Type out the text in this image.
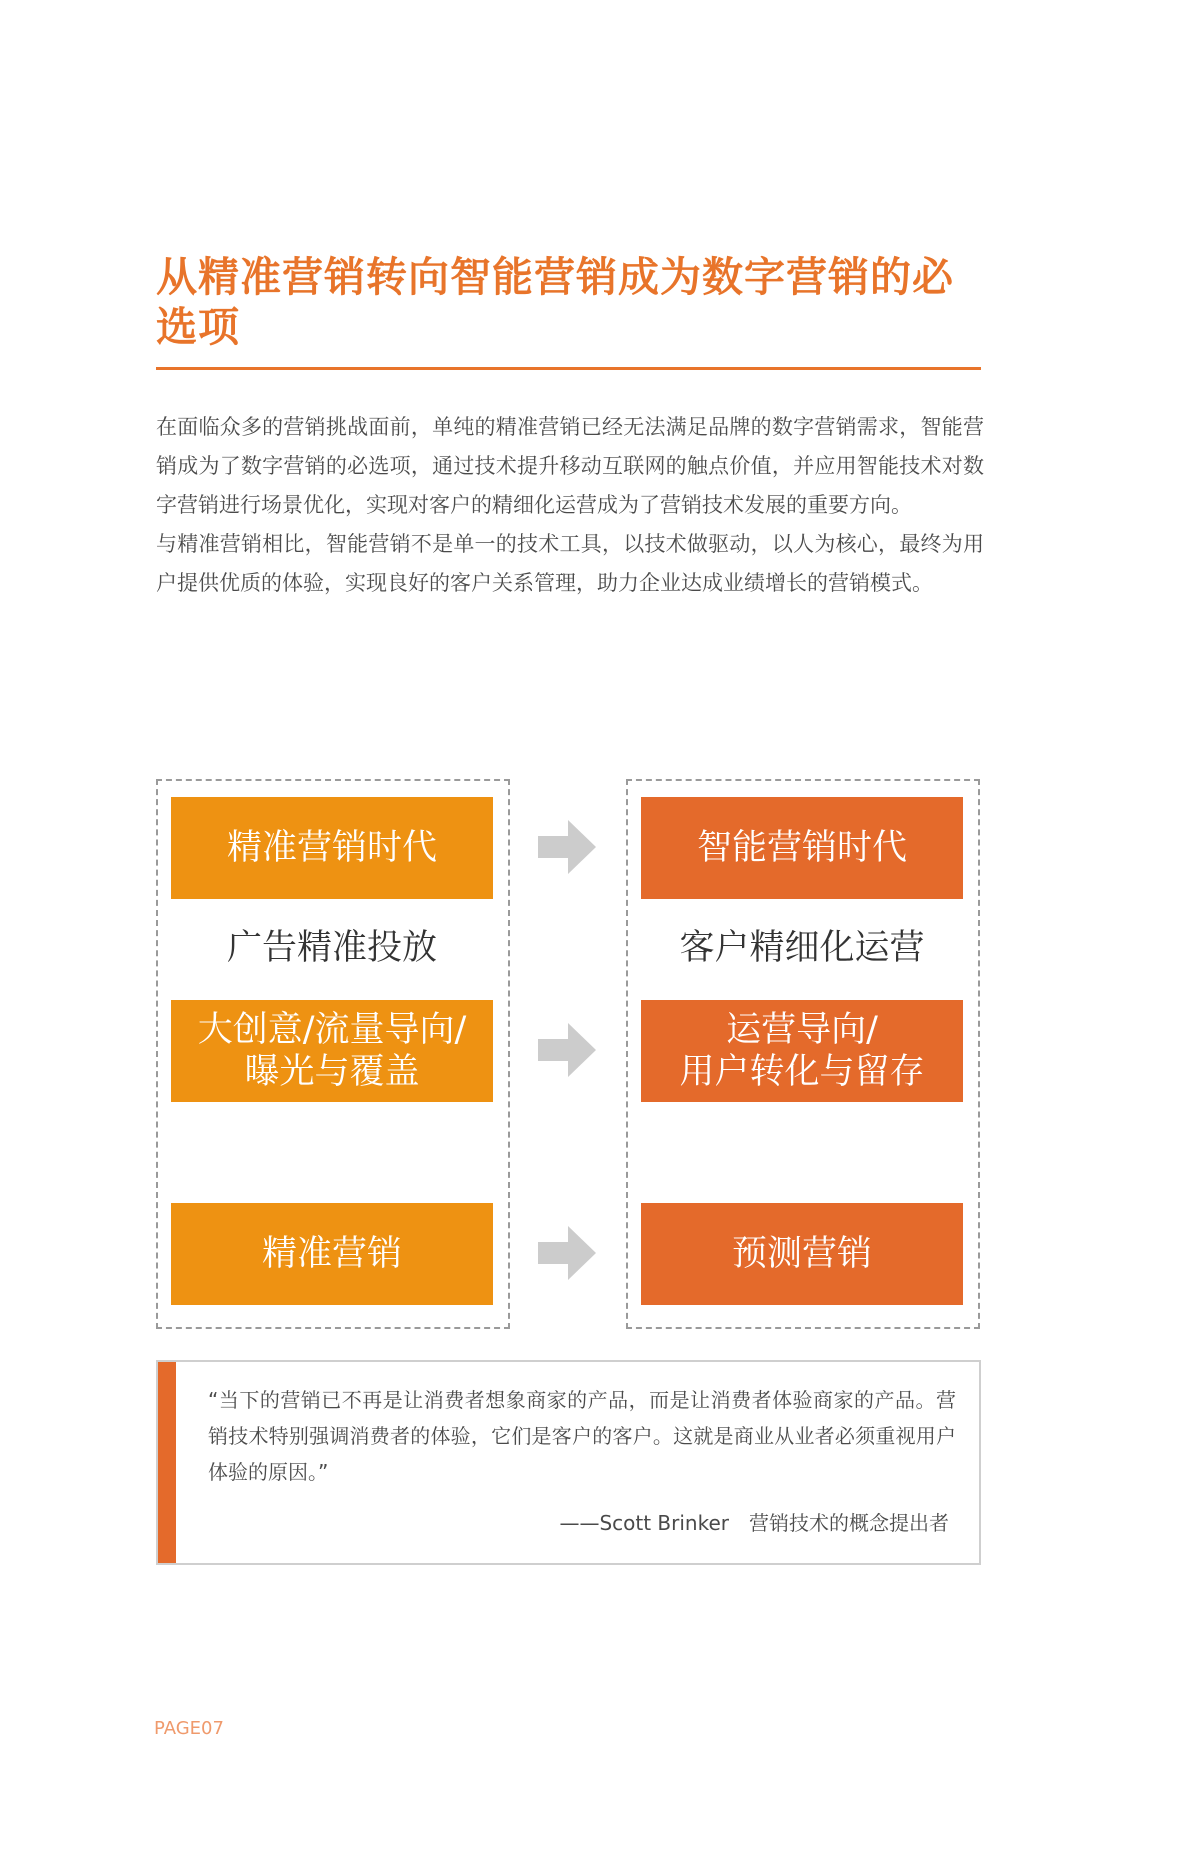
从精准营销转向智能营销成为数字营销的必选项

在面临众多的营销挑战面前，单纯的精准营销已经无法满足品牌的数字营销需求，智能营销成为了数字营销的必选项，通过技术提升移动互联网的触点价值，并应用智能技术对数字营销进行场景优化，实现对客户的精细化运营成为了营销技术发展的重要方向。

与精准营销相比，智能营销不是单一的技术工具，以技术做驱动，以人为核心，最终为用户提供优质的体验，实现良好的客户关系管理，助力企业达成业绩增长的营销模式。

精准营销时代
广告精准投放
大创意/流量导向/
曝光与覆盖
精准营销
智能营销时代
客户精细化运营
运营导向/
用户转化与留存
预测营销

“当下的营销已不再是让消费者想象商家的产品，而是让消费者体验商家的产品。营销技术特别强调消费者的体验，它们是客户的客户。这就是商业从业者必须重视用户体验的原因。”

——Scott Brinker　营销技术的概念提出者
PAGE07
